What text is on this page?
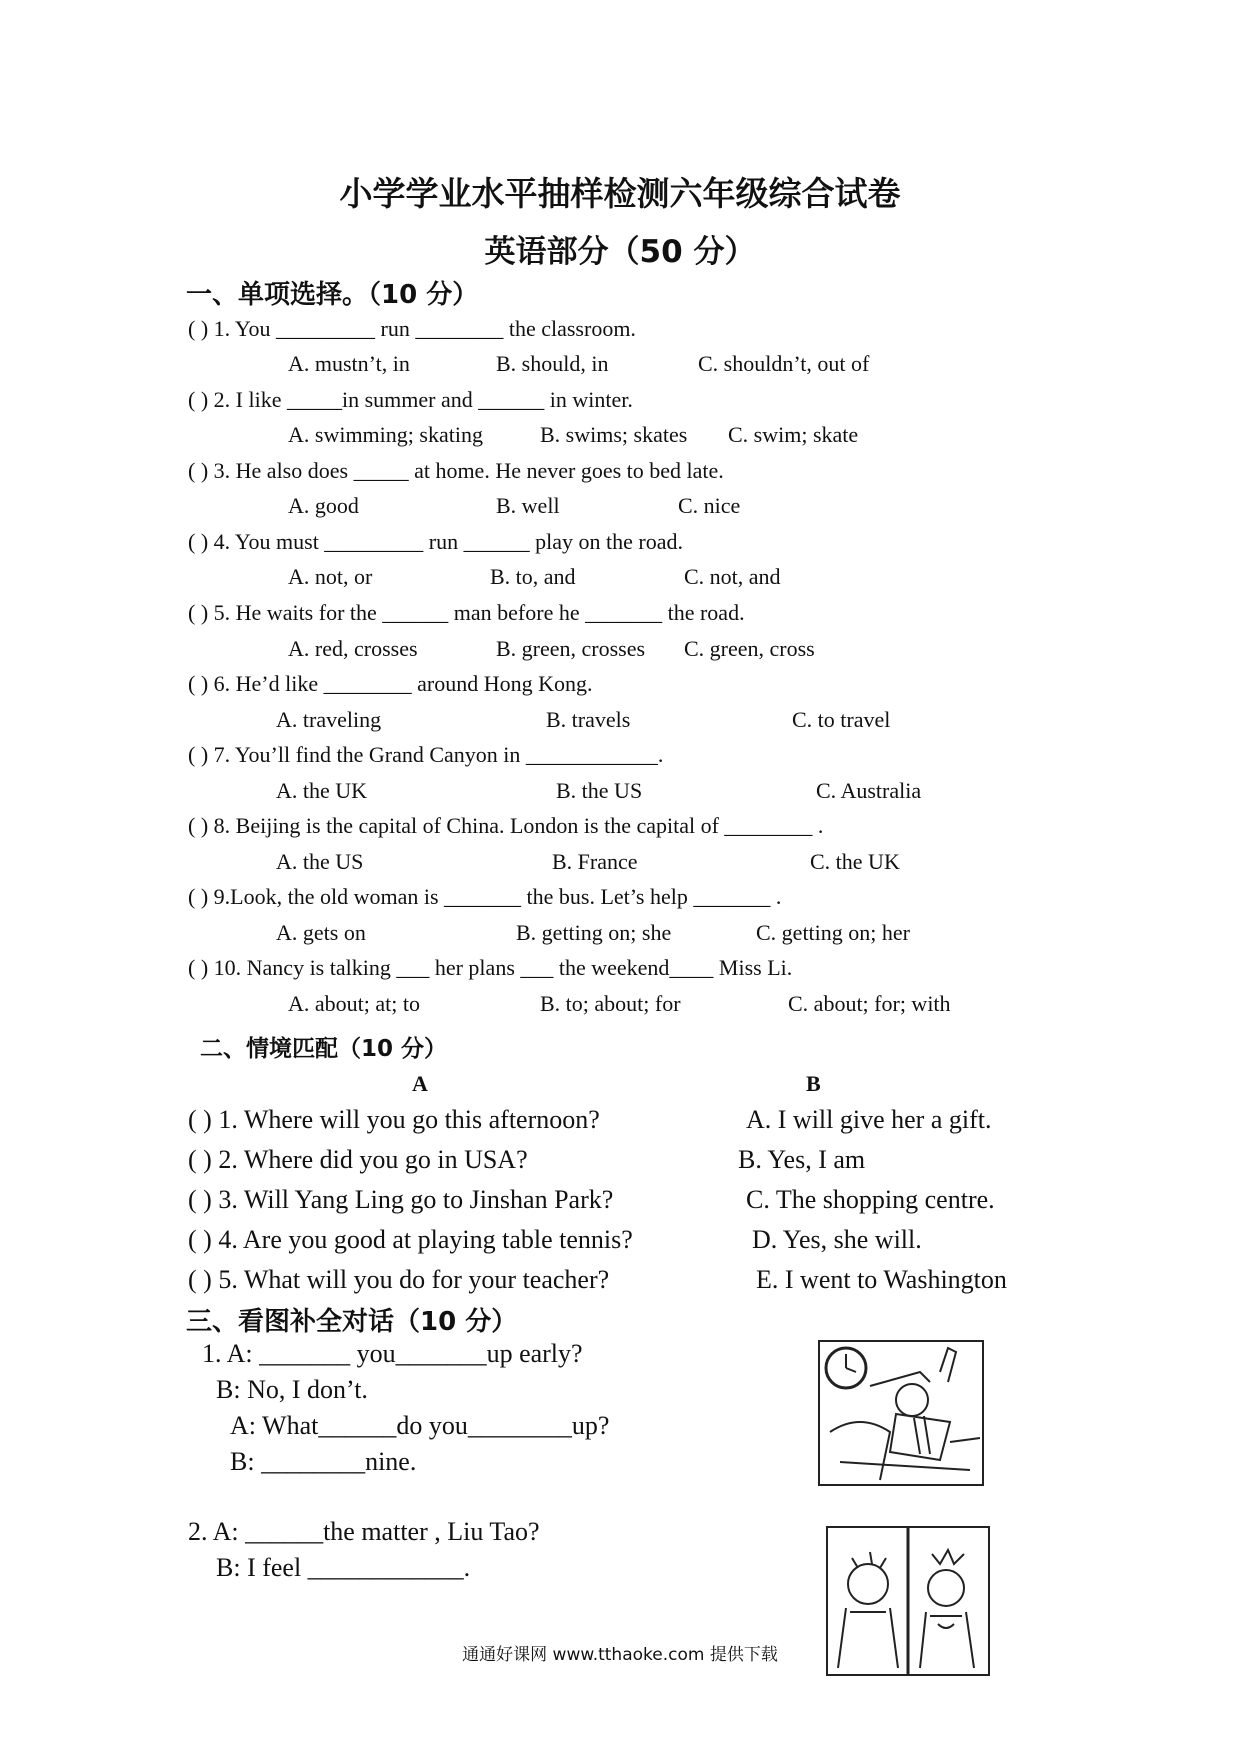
小学学业水平抽样检测六年级综合试卷
英语部分（50 分）
一、单项选择。（10 分）
( ) 1. You _________ run ________ the classroom.
A. mustn’t, in	B. should, in	C. shouldn’t, out of
( ) 2. I like _____in summer and ______ in winter.
A. swimming; skating	B. swims; skates C. swim; skate
( ) 3. He also does _____ at home. He never goes to bed late.
A. good	B. well	C. nice
( ) 4. You must _________ run ______ play on the road.
A. not, or	B. to, and	C. not, and
( ) 5. He waits for the ______ man before he _______ the road.
A. red, crosses	B. green, crosses C. green, cross
( ) 6. He’d like ________ around Hong Kong.
A. traveling	B. travels	C. to travel
( ) 7. You’ll find the Grand Canyon in ____________.
A. the UK	B. the US	C. Australia
( ) 8. Beijing is the capital of China. London is the capital of ________ .
A. the US	B. France	C. the UK
( ) 9.Look, the old woman is _______ the bus. Let’s help _______ .
A. gets on	B. getting on; she	C. getting on; her
( ) 10. Nancy is talking ___ her plans ___ the weekend____ Miss Li.
A. about; at; to	B. to; about; for	C. about; for; with
二、情境匹配（10 分）
A	B
( ) 1. Where will you go this afternoon?	A. I will give her a gift.
( ) 2. Where did you go in USA?	B. Yes, I am
( ) 3. Will Yang Ling go to Jinshan Park?	C. The shopping centre.
( ) 4. Are you good at playing table tennis?	D. Yes, she will.
( ) 5. What will you do for your teacher?	E. I went to Washington
三、看图补全对话（10 分）
1. A: _______ you_______up early?
B: No, I don’t.
A: What______do you________up?
B: ________nine.
2. A: ______the matter , Liu Tao?
B: I feel ____________.
通通好课网 www.tthaoke.com 提供下载
